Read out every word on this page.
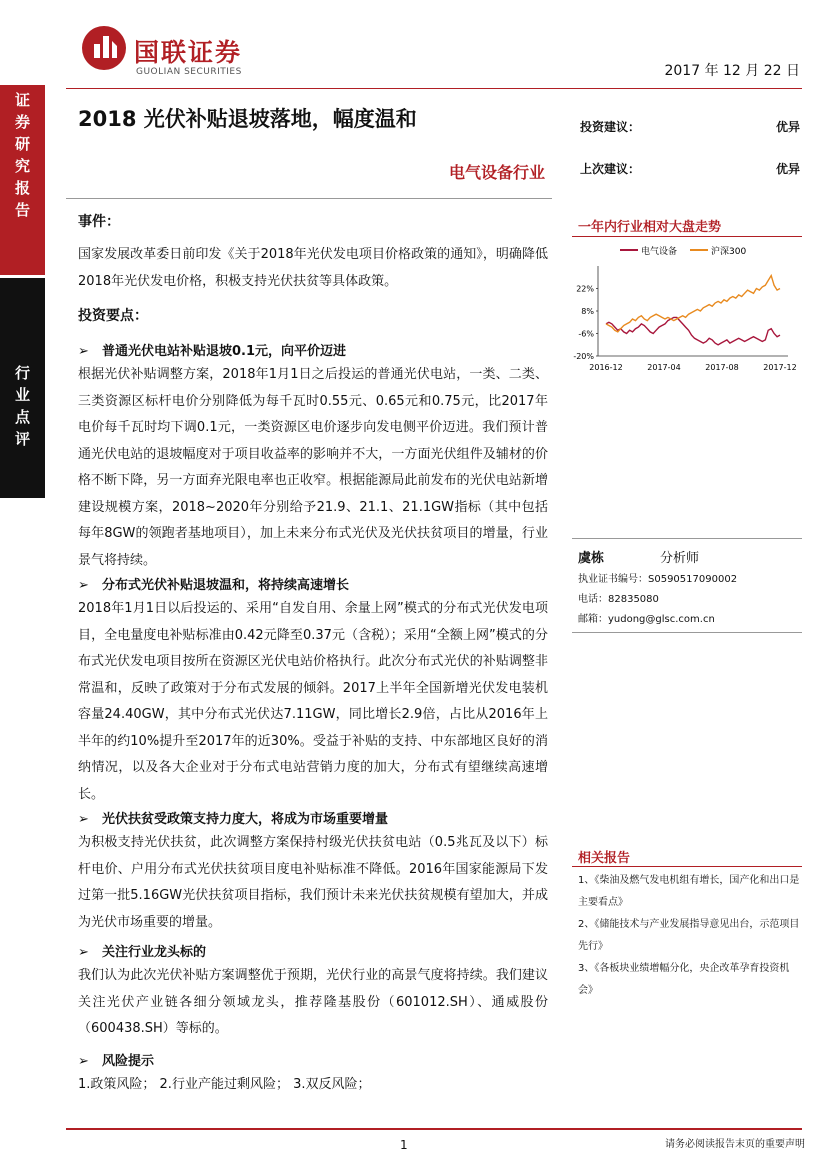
证
券
研
究
报
告
行
业
点
评
国联证券
GUOLIAN SECURITIES	2017 年 12 月 22 日
2018 光伏补贴退坡落地，幅度温和
电气设备行业
投资建议：	优异
上次建议：	优异
事件：
国家发展改革委日前印发《关于2018年光伏发电项目价格政策的通知》，明确降低2018年光伏发电价格，积极支持光伏扶贫等具体政策。
投资要点：
➢ 普通光伏电站补贴退坡0.1元，向平价迈进
根据光伏补贴调整方案，2018年1月1日之后投运的普通光伏电站，一类、二类、三类资源区标杆电价分别降低为每千瓦时0.55元、0.65元和0.75元，比2017年电价每千瓦时均下调0.1元，一类资源区电价逐步向发电侧平价迈进。我们预计普通光伏电站的退坡幅度对于项目收益率的影响并不大，一方面光伏组件及辅材的价格不断下降，另一方面弃光限电率也正收窄。根据能源局此前发布的光伏电站新增建设规模方案，2018~2020年分别给予21.9、21.1、21.1GW指标（其中包括每年8GW的领跑者基地项目），加上未来分布式光伏及光伏扶贫项目的增量，行业景气将持续。
➢ 分布式光伏补贴退坡温和，将持续高速增长
2018年1月1日以后投运的、采用“自发自用、余量上网”模式的分布式光伏发电项目，全电量度电补贴标准由0.42元降至0.37元（含税）；采用“全额上网”模式的分布式光伏发电项目按所在资源区光伏电站价格执行。此次分布式光伏的补贴调整非常温和，反映了政策对于分布式发展的倾斜。2017上半年全国新增光伏发电装机容量24.40GW，其中分布式光伏达7.11GW，同比增长2.9倍，占比从2016年上半年的约10%提升至2017年的近30%。受益于补贴的支持、中东部地区良好的消纳情况，以及各大企业对于分布式电站营销力度的加大，分布式有望继续高速增长。
➢ 光伏扶贫受政策支持力度大，将成为市场重要增量
为积极支持光伏扶贫，此次调整方案保持村级光伏扶贫电站（0.5兆瓦及以下）标杆电价、户用分布式光伏扶贫项目度电补贴标准不降低。2016年国家能源局下发过第一批5.16GW光伏扶贫项目指标，我们预计未来光伏扶贫规模有望加大，并成为光伏市场重要的增量。
➢ 关注行业龙头标的
我们认为此次光伏补贴方案调整优于预期，光伏行业的高景气度将持续。我们建议关注光伏产业链各细分领域龙头，推荐隆基股份（601012.SH）、通威股份（600438.SH）等标的。
➢ 风险提示
1.政策风险； 2.行业产能过剩风险； 3.双反风险；
一年内行业相对大盘走势
电气设备	沪深300
22%
8%
-6%
-20%
2016-12	2017-04	2017-08	2017-12
虞栋	分析师
执业证书编号：S0590517090002
电话：82835080
邮箱：yudong@glsc.com.cn
相关报告
1、《柴油及燃气发电机组有增长，国产化和出口是主要看点》
2、《储能技术与产业发展指导意见出台，示范项目先行》
3、《各板块业绩增幅分化，央企改革孕育投资机会》
1	请务必阅读报告末页的重要声明
